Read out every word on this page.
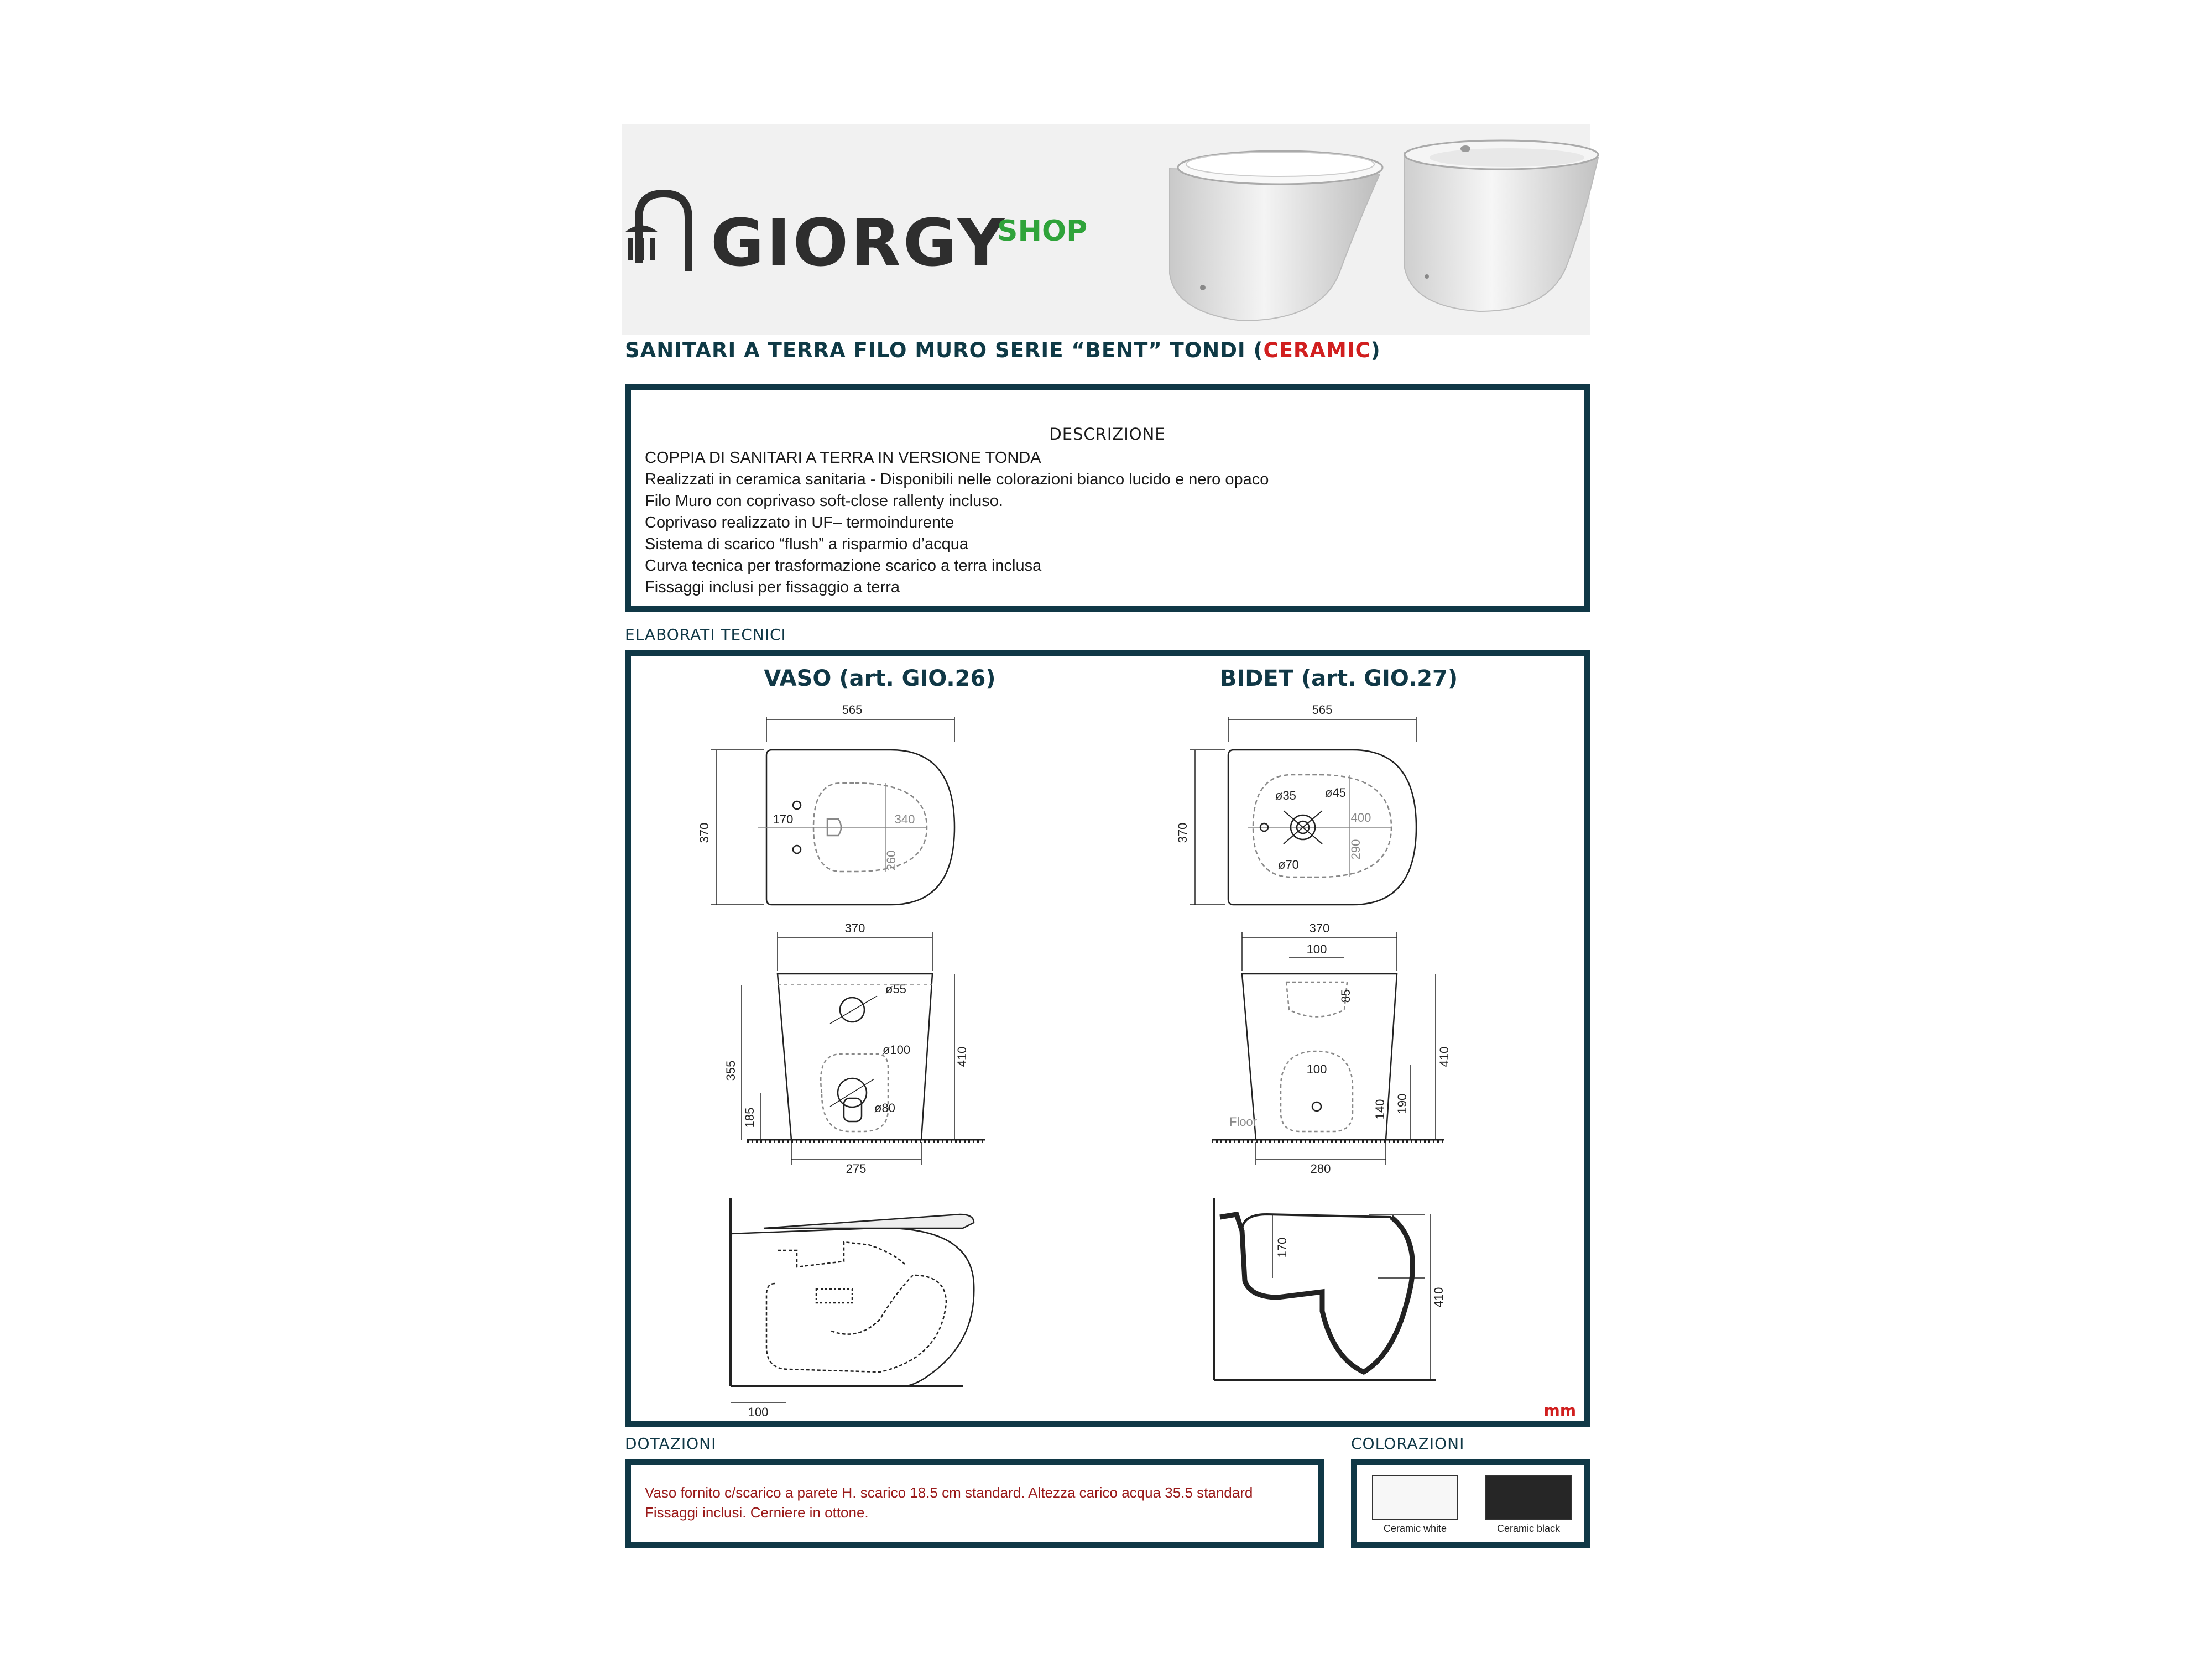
GIORGY
SHOP
SANITARI A TERRA FILO MURO SERIE “BENT” TONDI (CERAMIC)
DESCRIZIONE
COPPIA DI SANITARI A TERRA IN VERSIONE TONDA
Realizzati in ceramica sanitaria - Disponibili nelle colorazioni bianco lucido e nero opaco
Filo Muro con coprivaso soft-close rallenty incluso.
Coprivaso realizzato in UF– termoindurente
Sistema di scarico “flush” a risparmio d’acqua
Curva tecnica per trasformazione scarico a terra inclusa
Fissaggi inclusi per fissaggio a terra
ELABORATI TECNICI
VASO (art. GIO.26)	BIDET (art. GIO.27)
mm
565
370
170	340
260
370
ø55
ø100
ø80
355
185
410
275
100
565
370
ø35 ø45
400
290
ø70
370
100
85
100
140 190
410
280
Floor
170
410
DOTAZIONI
Vaso fornito c/scarico a parete H. scarico 18.5 cm standard. Altezza carico acqua 35.5 standard
Fissaggi inclusi. Cerniere in ottone.
COLORAZIONI
Ceramic white	Ceramic black
